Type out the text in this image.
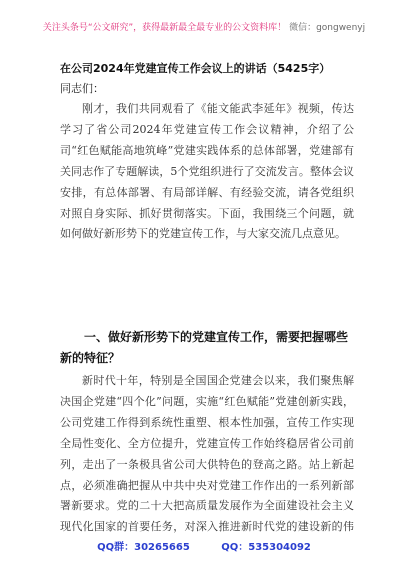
关注头条号“公文研究”，获得最新最全最专业的公文资料库！ 微信：gongwenyj
在公司2024年党建宣传工作会议上的讲话（5425字）
同志们：
刚才，我们共同观看了《能文能武李延年》视频，传达学习了省公司2024年党建宣传工作会议精神，介绍了公司“红色赋能高地筑峰”党建实践体系的总体部署，党建部有关同志作了专题解读，5个党组织进行了交流发言。整体会议安排，有总体部署、有局部详解、有经验交流，请各党组织对照自身实际、抓好贯彻落实。下面，我围绕三个问题，就如何做好新形势下的党建宣传工作，与大家交流几点意见。
一、做好新形势下的党建宣传工作，需要把握哪些新的特征？
新时代十年，特别是全国国企党建会以来，我们聚焦解决国企党建“四个化”问题，实施“红色赋能”党建创新实践，公司党建工作得到系统性重塑、根本性加强，宣传工作实现全局性变化、全方位提升，党建宣传工作始终稳居省公司前列，走出了一条极具省公司大供特色的登高之路。站上新起点，必须准确把握从中共中央对党建工作作出的一系列新部署新要求。党的二十大把高质量发展作为全面建设社会主义现代化国家的首要任务，对深入推进新时代党的建设新的伟
QQ群：30265665	QQ：535304092
